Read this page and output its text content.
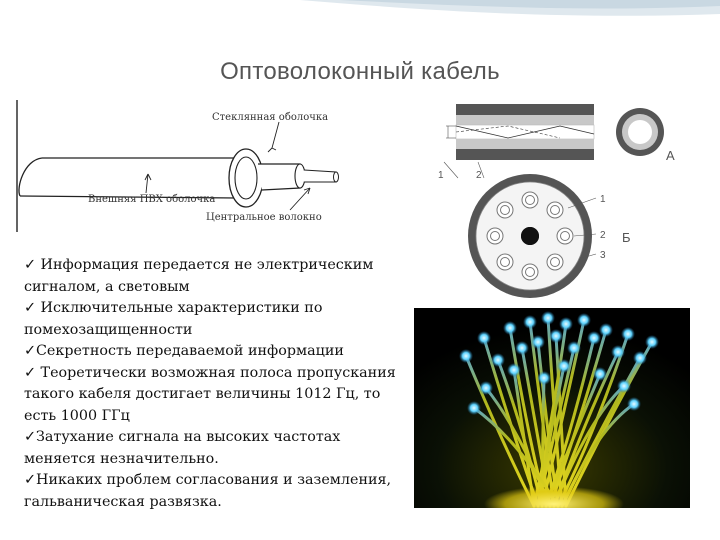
Оптоволоконный кабель
Стеклянная оболочка
Внешняя ПВХ оболочка
Центральное волокно
1	2
A
1
2
3
Б
✓ Информация передается не электрическим сигналом, а световым
✓ Исключительные характеристики по помехозащищенности
✓Секретность передаваемой информации
✓ Теоретически возможная полоса пропускания такого кабеля достигает величины 1012 Гц, то есть 1000 ГГц
✓Затухание сигнала на высоких частотах меняется незначительно.
✓Никаких проблем согласования и заземления, гальваническая развязка.
